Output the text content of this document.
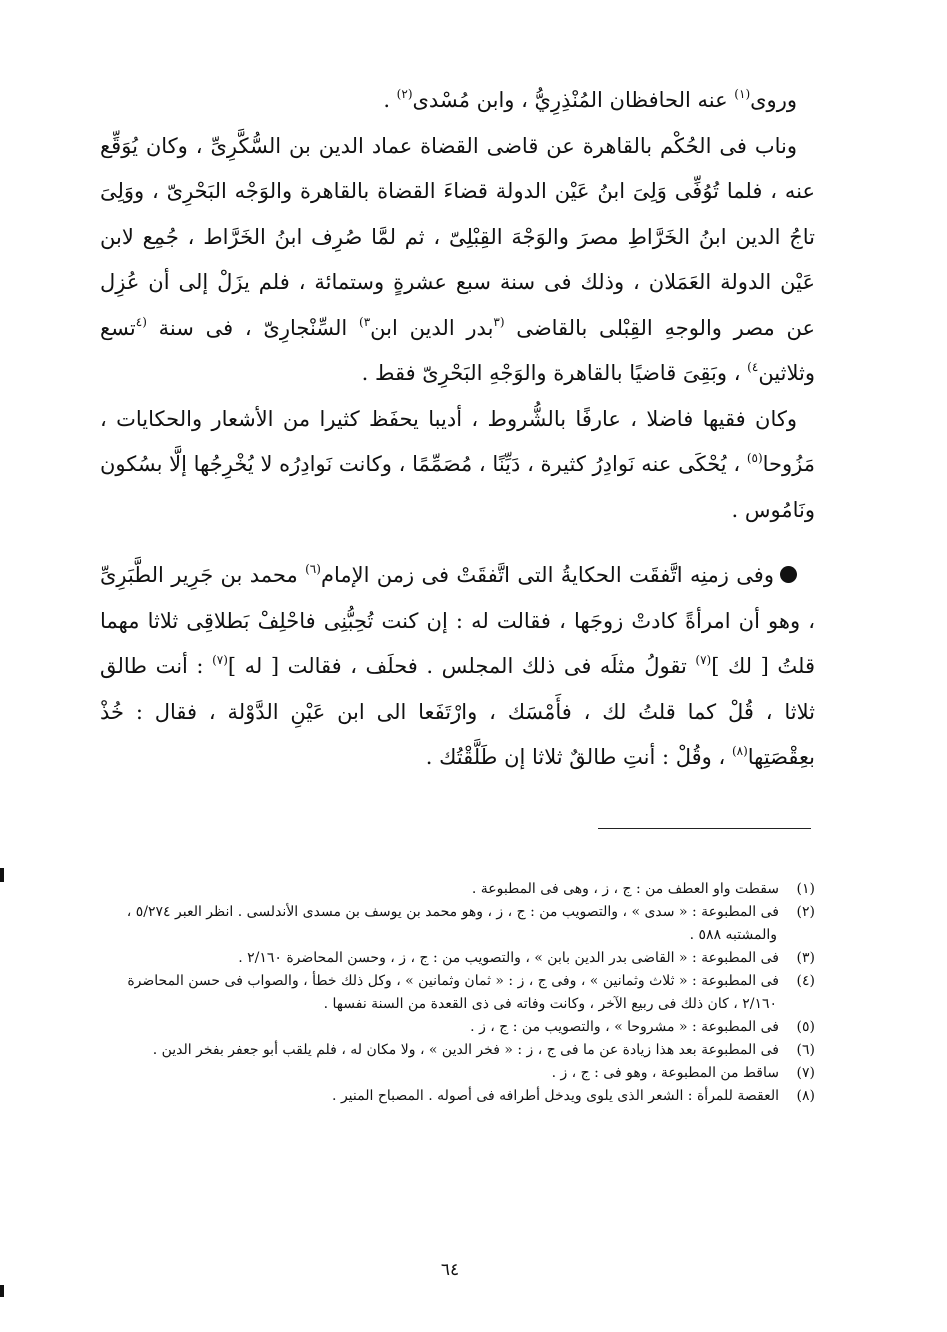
وروى$^{(١)}$ عنه الحافظان المُنْذِرِيُّ ، وابن مُسْدى$^{(٢)}$ .

وناب فى الحُكْم بالقاهرة عن قاضى القضاة عماد الدين بن السُّكَّرِىِّ ، وكان يُوَقِّع عنه ، فلما تُوُفِّى وَلِىَ ابنُ عَيْن الدولة قضاءَ القضاة بالقاهرة والوَجْه البَحْرِىّ ، ووَلِىَ تاجُ الدين ابنُ الخَرَّاطِ مصرَ والوَجْهَ القِبْلِىّ ، ثم لمَّا صُرِف ابنُ الخَرَّاط ، جُمِع لابن عَيْن الدولة العَمَلان ، وذلك فى سنة سبع عشرةٍ وستمائة ، فلم يزَلْ إلى أن عُزِل عن مصر والوجهِ القِبْلى بالقاضى $^{(٣}$بدر الدين ابن$^{٣)}$ السِّنْجارِىّ ، فى سنة $^{(٤}$تسع وثلاثين$^{٤)}$ ، وبَقِىَ قاضيًا بالقاهرة والوَجْهِ البَحْرِىّ فقط .

وكان فقيها فاضلا ، عارفًا بالشُّروط ، أديبا يحفَظ كثيرا من الأشعار والحكايات ، مَزُوحا$^{(٥)}$ ، يُحْكَى عنه نَوادِرُ كثيرة ، دَيِّنًا ، مُصَمِّمًا ، وكانت نَوادِرُه لا يُخْرِجُها إلَّا بسُكون ونَامُوس .

وفى زمنِه اتَّفقَت الحكايةُ التى اتَّفقَتْ فى زمن الإمام$^{(٦)}$ محمد بن جَرِير الطَّبَرِىِّ ، وهو أن امرأةً كادتْ زوجَها ، فقالت له : إن كنت تُحِبُّنِى فاحْلِفْ بَطلاقِى ثلاثا مهما قلتُ [ لك ]$^{(٧)}$ تقولُ مثلَه فى ذلك المجلس . فحلَف ، فقالت [ له ]$^{(٧)}$ : أنت طالق ثلاثا ، قُلْ كما قلتُ لك ، فأَمْسَك ، وارْتَفَعا الى ابن عَيْنِ الدَّوْلة ، فقال : خُذْ بعِقْصَتِها$^{(٨)}$ ، وقُلْ : أنتِ طالقٌ ثلاثا إن طَلَّقْتُك .

(١)سقطت واو العطف من : ج ، ز ، وهى فى المطبوعة .

(٢)فى المطبوعة : « سدى » ، والتصويب من : ج ، ز ، وهو محمد بن يوسف بن مسدى الأندلسى . انظر العبر ٥/٢٧٤ ، والمشتبه ٥٨٨ .

(٣)فى المطبوعة : « القاضى بدر الدين بابن » ، والتصويب من : ج ، ز ، وحسن المحاضرة ٢/١٦٠ .

(٤)فى المطبوعة : « ثلاث وثمانين » ، وفى ج ، ز : « ثمان وثمانين » ، وكل ذلك خطأ ، والصواب فى حسن المحاضرة ٢/١٦٠ ، كان ذلك فى ربيع الآخر ، وكانت وفاته فى ذى القعدة من السنة نفسها .

(٥)فى المطبوعة : « مشروحا » ، والتصويب من : ج ، ز .

(٦)فى المطبوعة بعد هذا زيادة عن ما فى ج ، ز : « فخر الدين » ، ولا مكان له ، فلم يلقب أبو جعفر بفخر الدين .

(٧)ساقط من المطبوعة ، وهو فى : ج ، ز .

(٨)العقصة للمرأة : الشعر الذى يلوى ويدخل أطرافه فى أصوله . المصباح المنير .

٦٤
